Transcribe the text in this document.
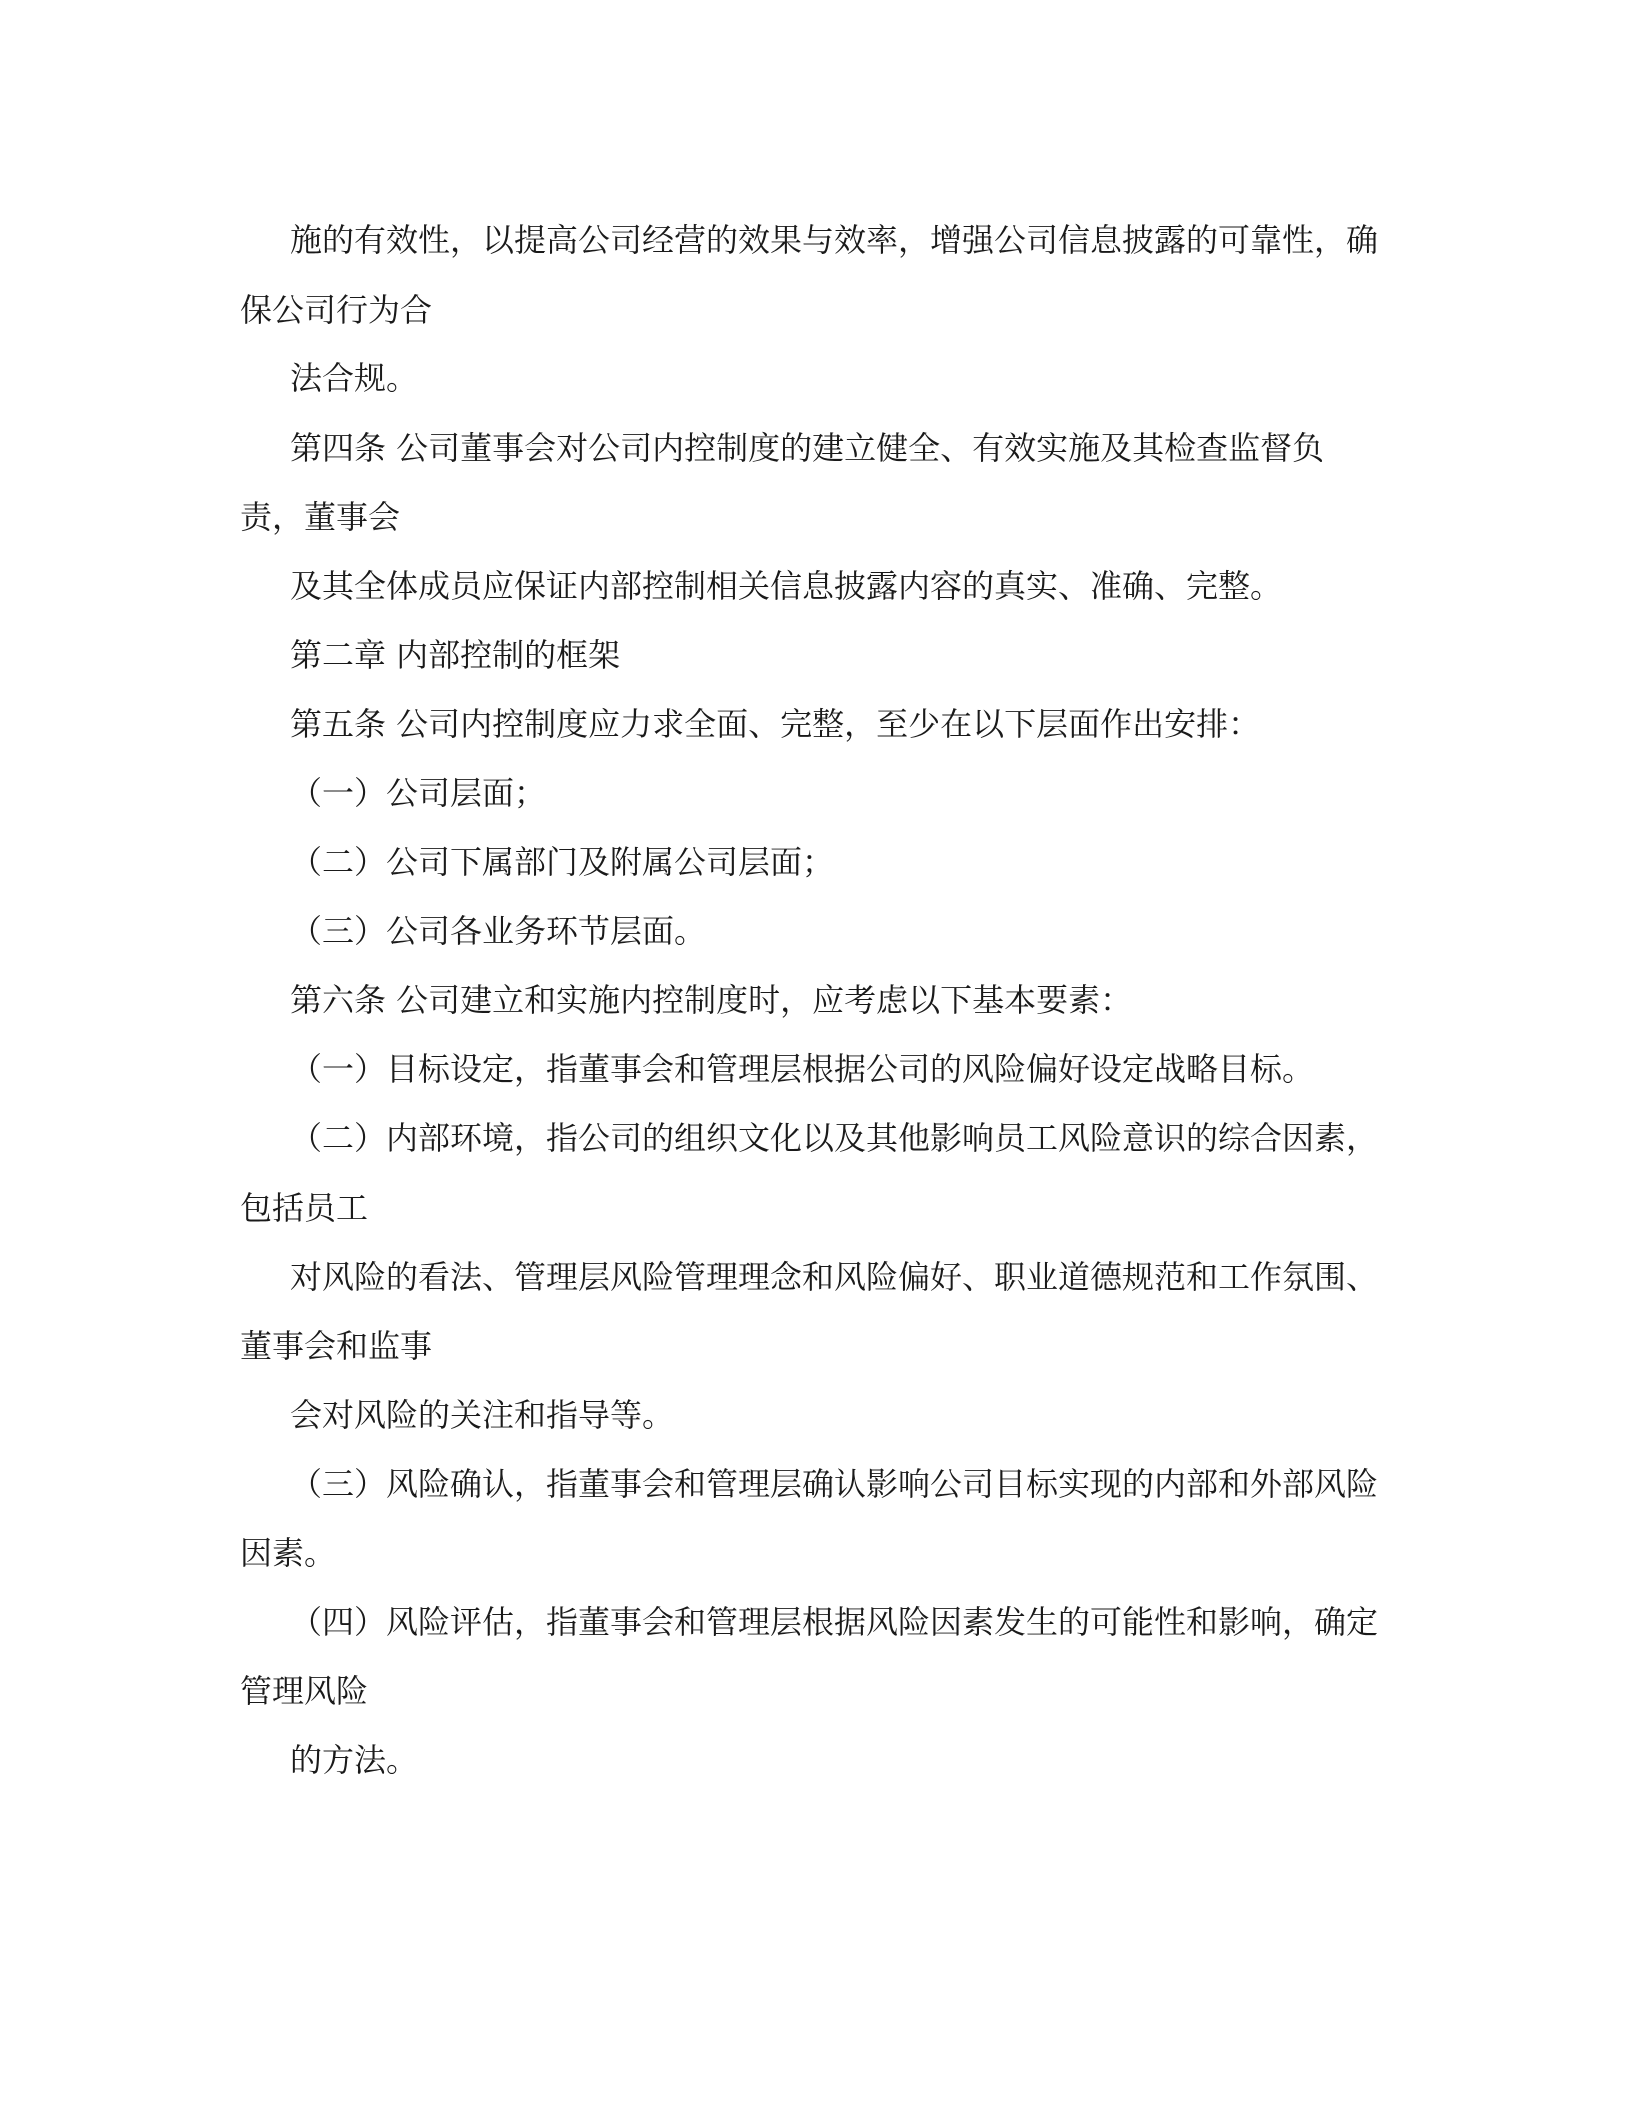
施的有效性，以提高公司经营的效果与效率，增强公司信息披露的可靠性，确
保公司行为合
法合规。
第四条 公司董事会对公司内控制度的建立健全、有效实施及其检查监督负
责，董事会
及其全体成员应保证内部控制相关信息披露内容的真实、准确、完整。
第二章 内部控制的框架
第五条 公司内控制度应力求全面、完整，至少在以下层面作出安排：
（一）公司层面；
（二）公司下属部门及附属公司层面；
（三）公司各业务环节层面。
第六条 公司建立和实施内控制度时，应考虑以下基本要素：
（一）目标设定，指董事会和管理层根据公司的风险偏好设定战略目标。
（二）内部环境，指公司的组织文化以及其他影响员工风险意识的综合因素，
包括员工
对风险的看法、管理层风险管理理念和风险偏好、职业道德规范和工作氛围、
董事会和监事
会对风险的关注和指导等。
（三）风险确认，指董事会和管理层确认影响公司目标实现的内部和外部风险
因素。
（四）风险评估，指董事会和管理层根据风险因素发生的可能性和影响，确定
管理风险
的方法。
